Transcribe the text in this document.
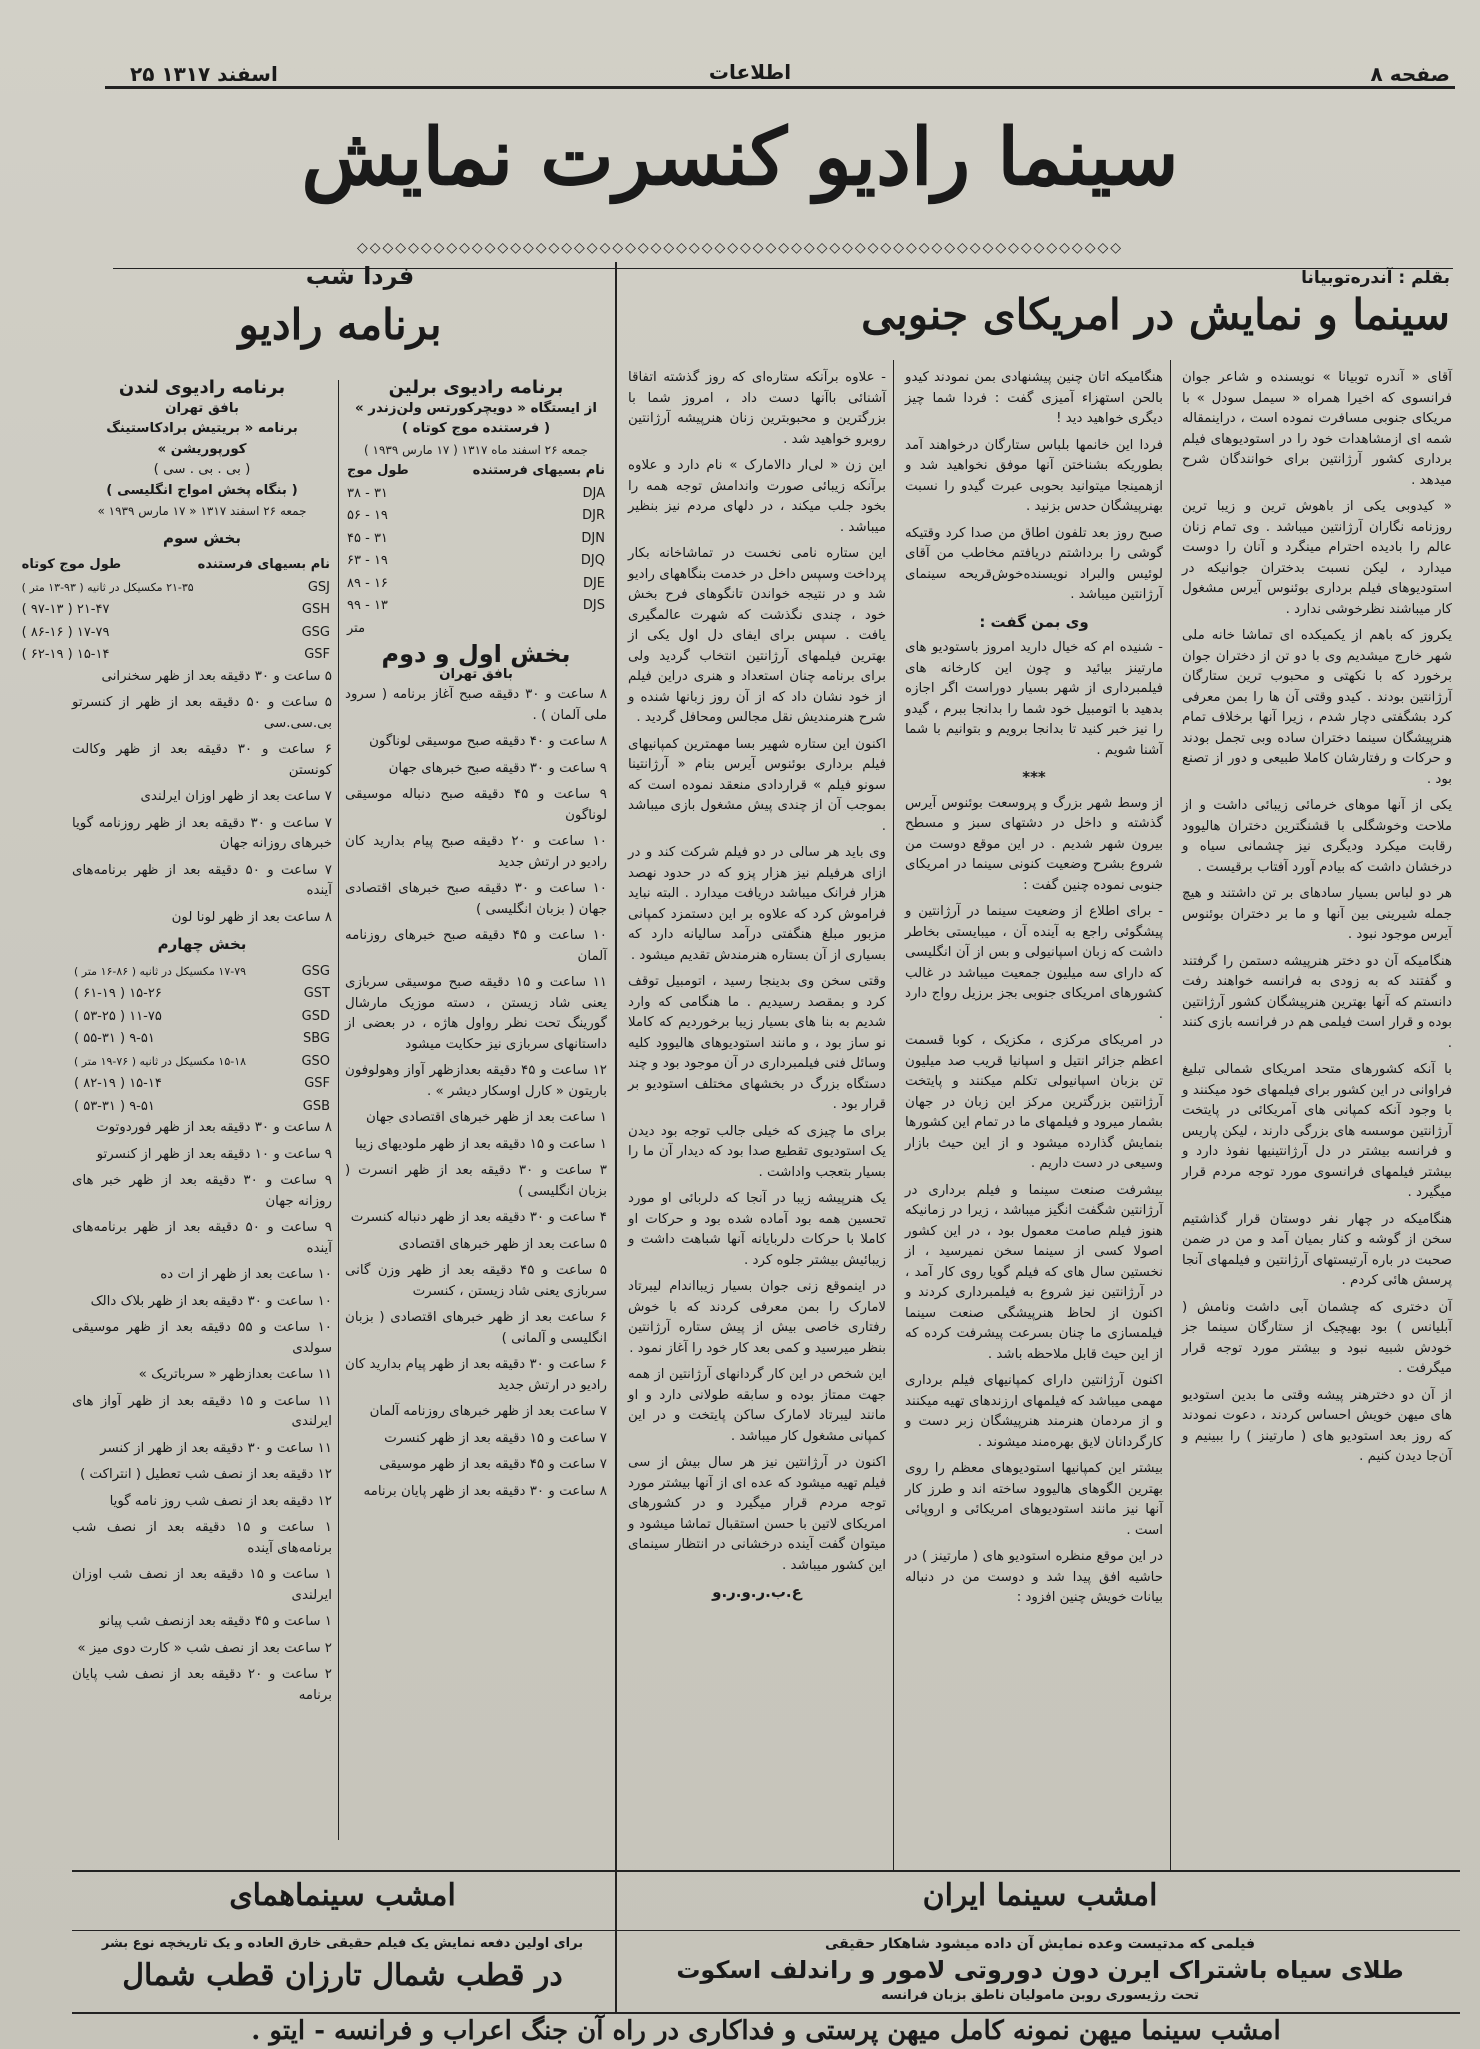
صفحه ۸
اطلاعات
۲۵ اسفند ۱۳۱۷
سینما رادیو کنسرت نمایش
◇◇◇◇◇◇◇◇◇◇◇◇◇◇◇◇◇◇◇◇◇◇◇◇◇◇◇◇◇◇◇◇◇◇◇◇◇◇◇◇◇◇◇◇◇◇◇◇◇◇◇◇◇◇◇◇◇◇◇◇
بقلم : آندره‌توبیانا
سینما و نمایش در امریکای جنوبی

آقای « آندره توبیانا » نویسنده و شاعر جوان فرانسوی که اخیرا همراه « سیمل سودل » با مریکای جنوبی مسافرت نموده است ، دراینمقاله شمه ای ازمشاهدات خود را در استودیوهای فیلم برداری کشور آرژانتین برای خوانندگان شرح میدهد .

« کیدوبی یکی از باهوش ترین و زیبا ترین روزنامه نگاران آرژانتین میباشد . وی تمام زنان عالم را بادیده احترام مینگرد و آنان را دوست میدارد ، لیکن نسبت بدختران جوانیکه در استودیوهای فیلم برداری بوئنوس آیرس مشغول کار میباشند نظرخوشی ندارد .

یکروز که باهم از یکمیکده ای تماشا خانه ملی شهر خارج میشدیم وی با دو تن از دختران جوان برخورد که با نکهتی و محبوب ترین ستارگان آرژانتین بودند . کیدو وقتی آن ها را بمن معرفی کرد بشگفتی دچار شدم ، زیرا آنها برخلاف تمام هنرپیشگان سینما دختران ساده وبی تجمل بودند و حرکات و رفتارشان کاملا طبیعی و دور از تصنع بود .

یکی از آنها موهای خرمائی زیبائی داشت و از ملاحت وخوشگلی با قشنگترین دختران هالیوود رقابت میکرد ودیگری نیز چشمانی سیاه و درخشان داشت که بیادم آورد آفتاب برقیست .

هر دو لباس بسیار سادهای بر تن داشتند و هیچ جمله شیرینی بین آنها و ما بر دختران بوئنوس آیرس موجود نبود .

هنگامیکه آن دو دختر هنرپیشه دستمن را گرفتند و گفتند که به زودی به فرانسه خواهند رفت دانستم که آنها بهترین هنرپیشگان کشور آرژانتین بوده و قرار است فیلمی هم در فرانسه بازی کنند .

با آنکه کشورهای متحد امریکای شمالی تبلیغ فراوانی در این کشور برای فیلمهای خود میکنند و با وجود آنکه کمپانی های آمریکائی در پایتخت آرژانتین موسسه های بزرگی دارند ، لیکن پاریس و فرانسه بیشتر در دل آرژانتینیها نفوذ دارد و بیشتر فیلمهای فرانسوی مورد توجه مردم قرار میگیرد .

هنگامیکه در چهار نفر دوستان قرار گذاشتیم سخن از گوشه و کنار بمیان آمد و من در ضمن صحبت در باره آرتیستهای آرژانتین و فیلمهای آنجا پرسش هائی کردم .

آن دختری که چشمان آبی داشت ونامش ( آبلیانس ) بود بهیچیک از ستارگان سینما جز خودش شبیه نبود و بیشتر مورد توجه قرار میگرفت .

از آن دو دخترهنر پیشه وقتی ما بدین استودیو های میهن خویش احساس کردند ، دعوت نمودند که روز بعد استودیو های ( مارتینز ) را ببینیم و آن‌جا دیدن کنیم .

هنگامیکه اتان چنین پیشنهادی بمن نمودند کیدو بالحن استهزاء آمیزی گفت : فردا شما چیز دیگری خواهید دید !

فردا این خانمها بلباس ستارگان درخواهند آمد بطوریکه بشناختن آنها موفق نخواهید شد و ازهمینجا میتوانید بحوبی عبرت گیدو را نسبت بهنرپیشگان حدس بزنید .

صبح روز بعد تلفون اطاق من صدا کرد وقتیکه گوشی را برداشتم دریافتم مخاطب من آقای لوئیس والبراد نویسنده‌خوش‌قریحه سینمای آرژانتین میباشد .

وی بمن گفت :

- شنیده ام که خیال دارید امروز باستودیو های مارتینز بیائید و چون این کارخانه های فیلمبرداری از شهر بسیار دوراست اگر اجازه بدهید با اتومبیل خود شما را بدانجا ببرم ، گیدو را نیز خبر کنید تا بدانجا برویم و بتوانیم با شما آشنا شویم .

***

از وسط شهر بزرگ و پروسعت بوئنوس آیرس گذشته و داخل در دشتهای سبز و مسطح بیرون شهر شدیم . در این موقع دوست من شروع بشرح وضعیت کنونی سینما در امریکای جنوبی نموده چنین گفت :

- برای اطلاع از وضعیت سینما در آرژانتین و پیشگوئی راجع به آینده آن ، میبایستی بخاطر داشت که زبان اسپانیولی و بس از آن انگلیسی که دارای سه میلیون جمعیت میباشد در غالب کشورهای امریکای جنوبی بجز برزیل رواج دارد .

در امریکای مرکزی ، مکزیک ، کوبا قسمت اعظم جزائر انتیل و اسپانیا قریب صد میلیون تن بزبان اسپانیولی تکلم میکنند و پایتخت آرژانتین بزرگترین مرکز این زبان در جهان بشمار میرود و فیلمهای ما در تمام این کشورها بنمایش گذارده میشود و از این حیث بازار وسیعی در دست داریم .

بیشرفت صنعت سینما و فیلم برداری در آرژانتین شگفت انگیز میباشد ، زیرا در زمانیکه هنوز فیلم صامت معمول بود ، در این کشور اصولا کسی از سینما سخن نمیرسید ، از نخستین سال های که فیلم گویا روی کار آمد ، در آرژانتین نیز شروع به فیلمبرداری کردند و اکنون از لحاظ هنرپیشگی صنعت سینما فیلمسازی ما چنان بسرعت پیشرفت کرده که از این حیث قابل ملاحظه باشد .

اکنون آرژانتین دارای کمپانیهای فیلم برداری مهمی میباشد که فیلمهای ارزندهای تهیه میکنند و از مردمان هنرمند هنرپیشگان زبر دست و کارگردانان لایق بهره‌مند میشوند .

بیشتر این کمپانیها استودیوهای معظم را روی بهترین الگوهای هالیوود ساخته اند و طرز کار آنها نیز مانند استودیوهای امریکائی و اروپائی است .

در این موقع منظره استودیو های ( مارتینز ) در حاشیه افق پیدا شد و دوست من در دنباله بیانات خویش چنین افزود :

- علاوه برآنکه ستاره‌ای که روز گذشته اتفاقا آشنائی باآنها دست داد ، امروز شما با بزرگترین و محبوبترین زنان هنرپیشه آرژانتین روبرو خواهید شد .

این زن « لی‌ار دالامارک » نام دارد و علاوه برآنکه زیبائی صورت واندامش توجه همه را بخود جلب میکند ، در دلهای مردم نیز بنظیر میباشد .

این ستاره نامی نخست در تماشاخانه بکار پرداخت وسپس داخل در خدمت بنگاههای رادیو شد و در نتیجه خواندن تانگوهای فرح بخش خود ، چندی نگذشت که شهرت عالمگیری یافت . سپس برای ایفای دل اول یکی از بهترین فیلمهای آرژانتین انتخاب گردید ولی برای برنامه چنان استعداد و هنری دراین فیلم از خود نشان داد که از آن روز زبانها شنده و شرح هنرمندیش نقل مجالس ومحافل گردید .

اکنون این ستاره شهیر بسا مهمترین کمپانیهای فیلم برداری بوئنوس آیرس بنام « آرژانتینا سونو فیلم » قراردادی منعقد نموده است که بموجب آن از چندی پیش مشغول بازی میباشد .

وی باید هر سالی در دو فیلم شرکت کند و در ازای هرفیلم نیز هزار پزو که در حدود نهصد هزار فرانک میباشد دریافت میدارد . البته نباید فراموش کرد که علاوه بر این دستمزد کمپانی مزبور مبلغ هنگفتی درآمد سالیانه دارد که بسیاری از آن بستاره هنرمندش تقدیم میشود .

وقتی سخن وی بدینجا رسید ، اتومبیل توقف کرد و بمقصد رسیدیم . ما هنگامی که وارد شدیم به بنا های بسیار زیبا برخوردیم که کاملا نو ساز بود ، و مانند استودیوهای هالیوود کلیه وسائل فنی فیلمبرداری در آن موجود بود و چند دستگاه بزرگ در بخشهای مختلف استودیو بر قرار بود .

برای ما چیزی که خیلی جالب توجه بود دیدن یک استودیوی تقطیع صدا بود که دیدار آن ما را بسیار بتعجب واداشت .

یک هنرپیشه زیبا در آنجا که دلربائی او مورد تحسین همه بود آماده شده بود و حرکات او کاملا با حرکات دلربایانه آنها شباهت داشت و زیبائیش بیشتر جلوه کرد .

در اینموقع زنی جوان بسیار زیبااندام لیبرتاد لامارک را بمن معرفی کردند که با خوش رفتاری خاصی بیش از پیش ستاره آرژانتین بنظر میرسید و کمی بعد کار خود را آغاز نمود .

این شخص در این کار گردانهای آرژانتین از همه جهت ممتاز بوده و سابقه طولانی دارد و او مانند لیبرتاد لامارک ساکن پایتخت و در این کمپانی مشغول کار میباشد .

اکنون در آرژانتین نیز هر سال بیش از سی فیلم تهیه میشود که عده ای از آنها بیشتر مورد توجه مردم قرار میگیرد و در کشورهای امریکای لاتین با حسن استقبال تماشا میشود و میتوان گفت آینده درخشانی در انتظار سینمای این کشور میباشد .

ع.ب.ر.و.ر.و

فردا شب
برنامه رادیو
برنامه رادیوی برلین
از ایستگاه « دویچرکورتس ولن‌زندر »
( فرستنده موج کوتاه )
جمعه ۲۶ اسفند ماه ۱۳۱۷ ( ۱۷ مارس ۱۹۳۹ )
نام بسیهای فرستنده	طول موج
DJA	۳۱ - ۳۸
DJR	۱۹ - ۵۶
DJN	۳۱ - ۴۵
DJQ	۱۹ - ۶۳
DJE	۱۶ - ۸۹
DJS	۱۳ - ۹۹
	متر
بخش اول و دوم
بافق تهران

۸ ساعت و ۳۰ دقیقه صبح آغاز برنامه ( سرود ملی آلمان ) .

۸ ساعت و ۴۰ دقیقه صبح موسیقی لوناگون

۹ ساعت و ۳۰ دقیقه صبح خبرهای جهان

۹ ساعت و ۴۵ دقیقه صبح دنباله موسیقی لوناگون

۱۰ ساعت و ۲۰ دقیقه صبح پیام بدارید کان رادیو در ارتش جدید

۱۰ ساعت و ۳۰ دقیقه صبح خبرهای اقتصادی جهان ( بزبان انگلیسی )

۱۰ ساعت و ۴۵ دقیقه صبح خبرهای روزنامه آلمان

۱۱ ساعت و ۱۵ دقیقه صبح موسیقی سربازی یعنی شاد زیستن ، دسته موزیک مارشال گورینگ تحت نظر رواول هاژه ، در بعضی از داستانهای سربازی نیز حکایت میشود

۱۲ ساعت و ۴۵ دقیقه بعدازظهر آواز وهولوفون باریتون « کارل اوسکار دیشر » .

۱ ساعت بعد از ظهر خبرهای اقتصادی جهان

۱ ساعت و ۱۵ دقیقه بعد از ظهر ملودیهای زیبا

۳ ساعت و ۳۰ دقیقه بعد از ظهر انسرت ( بزبان انگلیسی )

۴ ساعت و ۳۰ دقیقه بعد از ظهر دنباله کنسرت

۵ ساعت بعد از ظهر خبرهای اقتصادی

۵ ساعت و ۴۵ دقیقه بعد از ظهر وزن گانی سربازی یعنی شاد زیستن ، کنسرت

۶ ساعت بعد از ظهر خبرهای اقتصادی ( بزبان انگلیسی و آلمانی )

۶ ساعت و ۳۰ دقیقه بعد از ظهر پیام بدارید کان رادیو در ارتش جدید

۷ ساعت بعد از ظهر خبرهای روزنامه آلمان

۷ ساعت و ۱۵ دقیقه بعد از ظهر کنسرت

۷ ساعت و ۴۵ دقیقه بعد از ظهر موسیقی

۸ ساعت و ۳۰ دقیقه بعد از ظهر پایان برنامه

برنامه رادیوی لندن
بافق تهران
برنامه « بریتیش برادکاستینگ کورپوریشن »
( بی . بی . سی )
( بنگاه پخش امواج انگلیسی )
جمعه ۲۶ اسفند ۱۳۱۷ « ۱۷ مارس ۱۹۳۹ »
بخش سوم
نام بسیهای فرستنده	طول موج کوتاه
GSJ	۲۱-۳۵ مکسیکل در ثانیه ( ۹۳-۱۳ متر )
GSH	۲۱-۴۷ ( ۹۷-۱۳ )
GSG	۱۷-۷۹ ( ۸۶-۱۶ )
GSF	۱۵-۱۴ ( ۶۲-۱۹ )

۵ ساعت و ۳۰ دقیقه بعد از ظهر سخنرانی

۵ ساعت و ۵۰ دقیقه بعد از ظهر از کنسرتو بی.سی.سی

۶ ساعت و ۳۰ دقیقه بعد از ظهر وکالت کونستن

۷ ساعت بعد از ظهر اوزان ایرلندی

۷ ساعت و ۳۰ دقیقه بعد از ظهر روزنامه گویا خبرهای روزانه جهان

۷ ساعت و ۵۰ دقیقه بعد از ظهر برنامه‌های آینده

۸ ساعت بعد از ظهر لونا لون

بخش چهارم
GSG	۱۷-۷۹ مکسیکل در ثانیه ( ۸۶-۱۶ متر )
GST	۱۵-۲۶ ( ۶۱-۱۹ )
GSD	۱۱-۷۵ ( ۵۳-۲۵ )
SBG	۹-۵۱ ( ۵۵-۳۱ )
GSO	۱۵-۱۸ مکسیکل در ثانیه ( ۷۶-۱۹ متر )
GSF	۱۵-۱۴ ( ۸۲-۱۹ )
GSB	۹-۵۱ ( ۵۳-۳۱ )

۸ ساعت و ۳۰ دقیقه بعد از ظهر فوردوتوت

۹ ساعت و ۱۰ دقیقه بعد از ظهر از کنسرتو

۹ ساعت و ۳۰ دقیقه بعد از ظهر خبر های روزانه جهان

۹ ساعت و ۵۰ دقیقه بعد از ظهر برنامه‌های آینده

۱۰ ساعت بعد از ظهر از ات ده

۱۰ ساعت و ۳۰ دقیقه بعد از ظهر بلاک دالک

۱۰ ساعت و ۵۵ دقیقه بعد از ظهر موسیقی سولدی

۱۱ ساعت بعدازظهر « سرباتریک »

۱۱ ساعت و ۱۵ دقیقه بعد از ظهر آواز های ایرلندی

۱۱ ساعت و ۳۰ دقیقه بعد از ظهر از کنسر

۱۲ دقیقه بعد از نصف شب تعطیل ( انتراکت )

۱۲ دقیقه بعد از نصف شب روز نامه گویا

۱ ساعت و ۱۵ دقیقه بعد از نصف شب برنامه‌های آینده

۱ ساعت و ۱۵ دقیقه بعد از نصف شب اوزان ایرلندی

۱ ساعت و ۴۵ دقیقه بعد ازنصف شب پیانو

۲ ساعت بعد از نصف شب « کارت دوی میز »

۲ ساعت و ۲۰ دقیقه بعد از نصف شب پایان برنامه

امشب سینماهمای	امشب سینما ایران
برای اولین دفعه نمایش یک فیلم حقیقی خارق العاده و یک تاریخچه نوع بشر
در قطب شمال تارزان قطب شمال
فیلمی که مدتیست وعده نمایش آن داده میشود شاهکار حقیقی
طلای سیاه باشتراک ایرن دون دوروتی لامور و راندلف اسکوت
تحت رژیسوری روبن مامولیان ناطق بزبان فرانسه
امشب سینما میهن نمونه کامل میهن پرستی و فداکاری در راه آن جنگ اعراب و فرانسه - ایتو .
